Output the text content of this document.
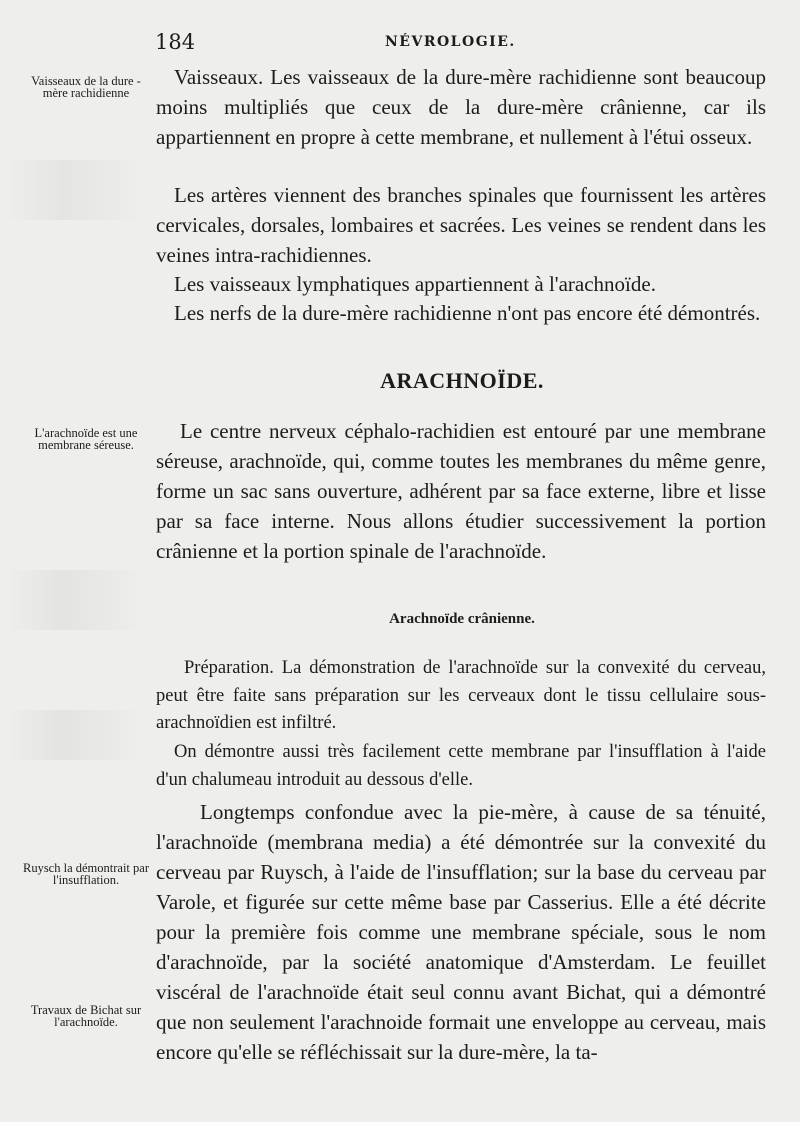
184	NÉVROLOGIE.
Vaisseaux de la dure - mère rachidienne
L'arachnoïde est une membrane séreuse.
Ruysch la démontrait par l'insufflation.
Travaux de Bichat sur l'arachnoïde.

Vaisseaux. Les vaisseaux de la dure-mère rachidienne sont beaucoup moins multipliés que ceux de la dure-mère crânienne, car ils appartiennent en propre à cette membrane, et nullement à l'étui osseux.

Les artères viennent des branches spinales que fournissent les artères cervicales, dorsales, lombaires et sacrées. Les veines se rendent dans les veines intra-rachidiennes.

Les vaisseaux lymphatiques appartiennent à l'arachnoïde.

Les nerfs de la dure-mère rachidienne n'ont pas encore été démontrés.

ARACHNOÏDE.

Le centre nerveux céphalo-rachidien est entouré par une membrane séreuse, arachnoïde, qui, comme toutes les membranes du même genre, forme un sac sans ouverture, adhérent par sa face externe, libre et lisse par sa face interne. Nous allons étudier successivement la portion crânienne et la portion spinale de l'arachnoïde.

Arachnoïde crânienne.

Préparation. La démonstration de l'arachnoïde sur la convexité du cerveau, peut être faite sans préparation sur les cerveaux dont le tissu cellulaire sous-arachnoïdien est infiltré.

On démontre aussi très facilement cette membrane par l'insufflation à l'aide d'un chalumeau introduit au dessous d'elle.

Longtemps confondue avec la pie-mère, à cause de sa ténuité, l'arachnoïde (membrana media) a été démontrée sur la convexité du cerveau par Ruysch, à l'aide de l'insufflation; sur la base du cerveau par Varole, et figurée sur cette même base par Casserius. Elle a été décrite pour la première fois comme une membrane spéciale, sous le nom d'arachnoïde, par la société anatomique d'Amsterdam. Le feuillet viscéral de l'arachnoïde était seul connu avant Bichat, qui a démontré que non seulement l'arachnoide formait une enveloppe au cerveau, mais encore qu'elle se réfléchissait sur la dure-mère, la ta-
